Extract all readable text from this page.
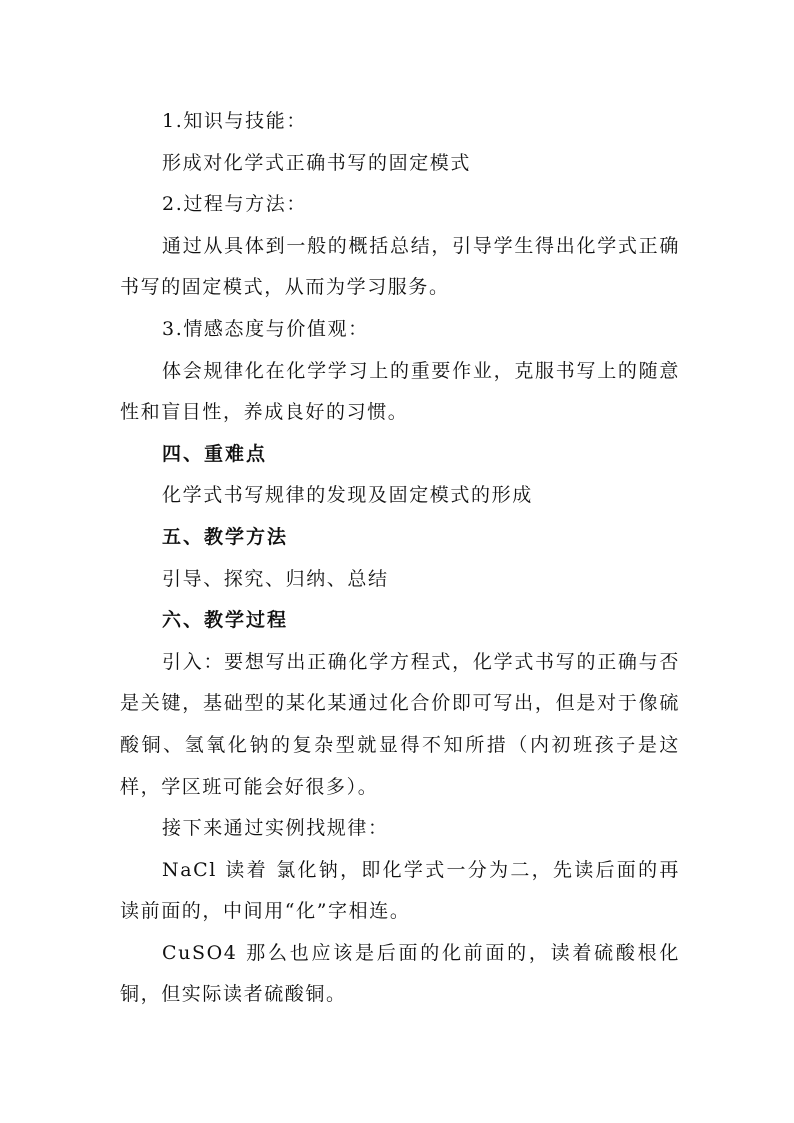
1.知识与技能：

形成对化学式正确书写的固定模式

2.过程与方法：

通过从具体到一般的概括总结，引导学生得出化学式正确书写的固定模式，从而为学习服务。

3.情感态度与价值观：

体会规律化在化学学习上的重要作业，克服书写上的随意性和盲目性，养成良好的习惯。

四、重难点

化学式书写规律的发现及固定模式的形成

五、教学方法

引导、探究、归纳、总结

六、教学过程

引入：要想写出正确化学方程式，化学式书写的正确与否是关键，基础型的某化某通过化合价即可写出，但是对于像硫酸铜、氢氧化钠的复杂型就显得不知所措（内初班孩子是这样，学区班可能会好很多）。

接下来通过实例找规律：

NaCl 读着 氯化钠，即化学式一分为二，先读后面的再读前面的，中间用“化”字相连。

CuSO4 那么也应该是后面的化前面的，读着硫酸根化铜，但实际读者硫酸铜。
